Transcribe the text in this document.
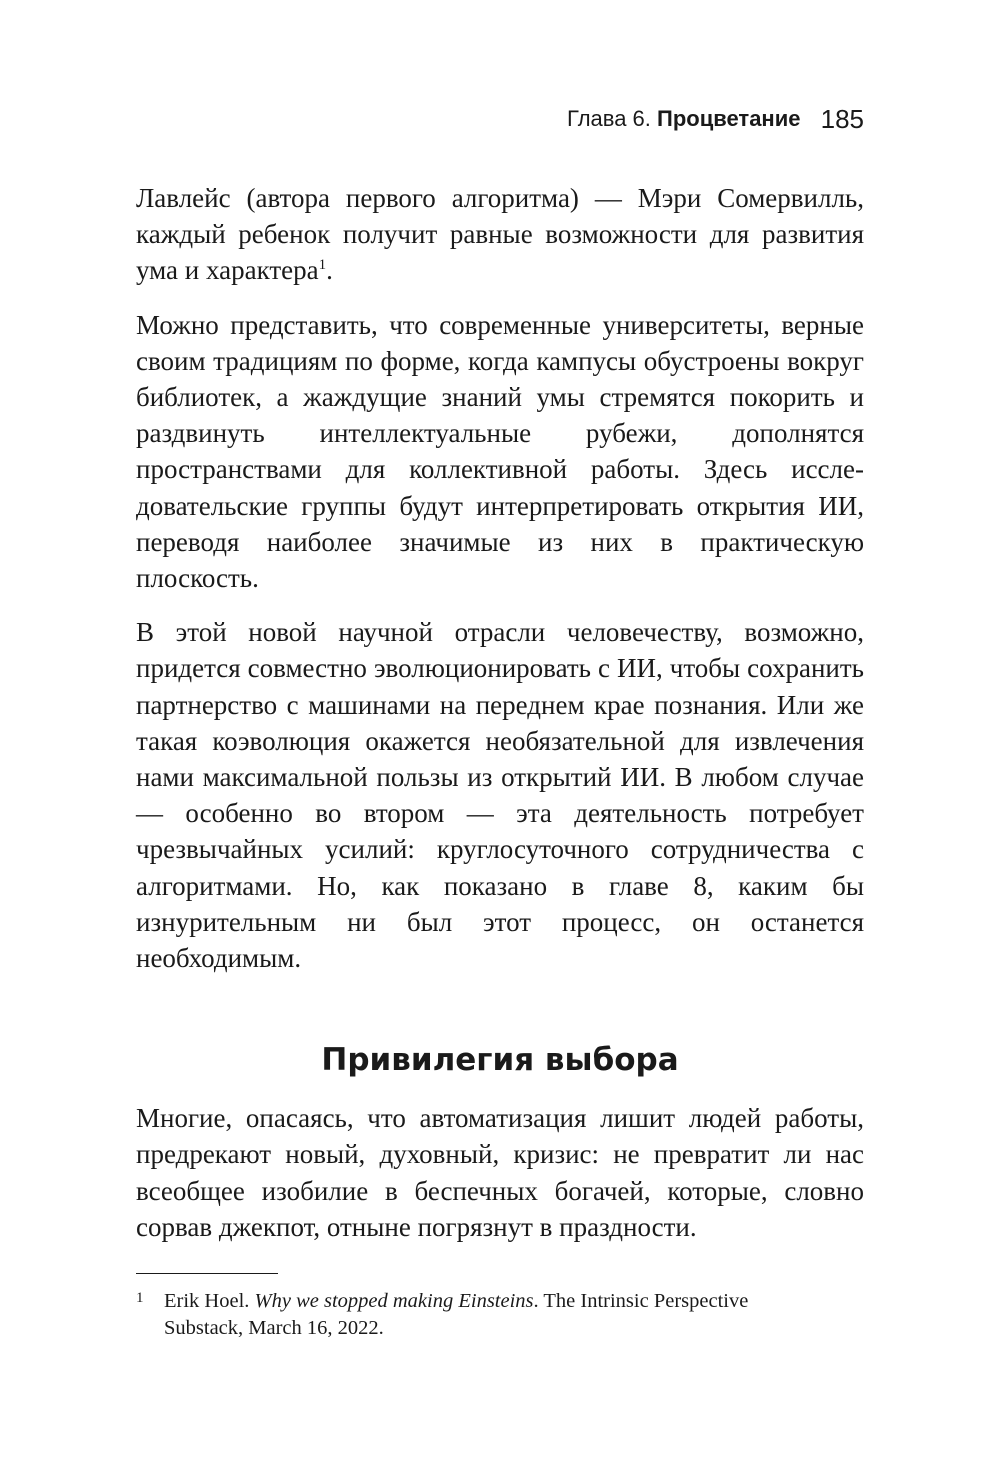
Глава 6. Процветание 185

Лавлейс (автора первого алгоритма) — Мэри Сомервилль, каждый ребенок получит равные возможности для развития ума и характера$^1$.

Можно представить, что современные университеты, верные своим традициям по форме, когда кампусы обустроены вокруг библиотек, а жаждущие знаний умы стремятся покорить и раздвинуть интеллектуальные рубежи, дополнятся пространствами для коллективной работы. Здесь исследовательские группы будут интерпретировать открытия ИИ, переводя наиболее значимые из них в практическую плоскость.

В этой новой научной отрасли человечеству, возможно, придется совместно эволюционировать с ИИ, чтобы сохранить партнерство с машинами на переднем крае познания. Или же такая коэволюция окажется необязательной для извлечения нами максимальной пользы из открытий ИИ. В любом случае — особенно во втором — эта деятельность потребует чрезвычайных усилий: круглосуточного сотрудничества с алгоритмами. Но, как показано в главе 8, каким бы изнурительным ни был этот процесс, он останется необходимым.

Привилегия выбора

Многие, опасаясь, что автоматизация лишит людей работы, предрекают новый, духовный, кризис: не превратит ли нас всеобщее изобилие в беспечных богачей, которые, словно сорвав джекпот, отныне погрязнут в праздности.

1 Erik Hoel. Why we stopped making Einsteins. The Intrinsic Perspective
Substack, March 16, 2022.
